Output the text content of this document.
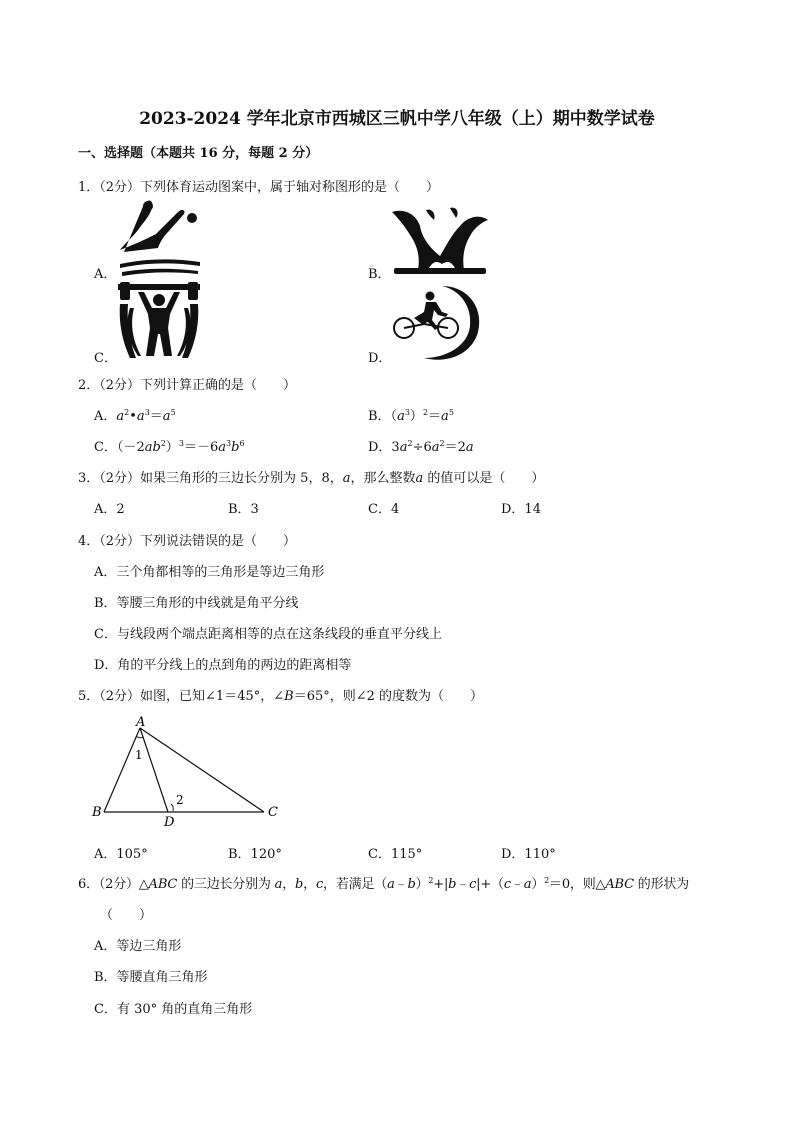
2023-2024 学年北京市西城区三帆中学八年级（上）期中数学试卷
一、选择题（本题共 16 分，每题 2 分）
1．（2分）下列体育运动图案中，属于轴对称图形的是（　　）
A．	B．
C．	D．
2．（2分）下列计算正确的是（　　）
A．$a^2•a^3=a^5$	B．$(a^3)^2=a^5$
C．$(-2ab^2)^3=-6a^3b^6$	D．$3a^2\div 6a^2=2a$
3．（2分）如果三角形的三边长分别为 5，8，a，那么整数a 的值可以是（　　）
A．2	B．3	C．4	D．14
4．（2分）下列说法错误的是（　　）
A．三个角都相等的三角形是等边三角形
B．等腰三角形的中线就是角平分线
C．与线段两个端点距离相等的点在这条线段的垂直平分线上
D．角的平分线上的点到角的两边的距离相等
5．（2分）如图，已知∠1＝45°，∠B＝65°，则∠2 的度数为（　　）
A
B	C
D
1
2
A．105°	B．120°	C．115°	D．110°
6．（2分）△ABC 的三边长分别为 a，b，c，若满足（a﹣b）$^2$+|b﹣c|+（c﹣a）$^2$＝0，则△ABC 的形状为
（　　）
A．等边三角形
B．等腰直角三角形
C．有 30° 角的直角三角形
